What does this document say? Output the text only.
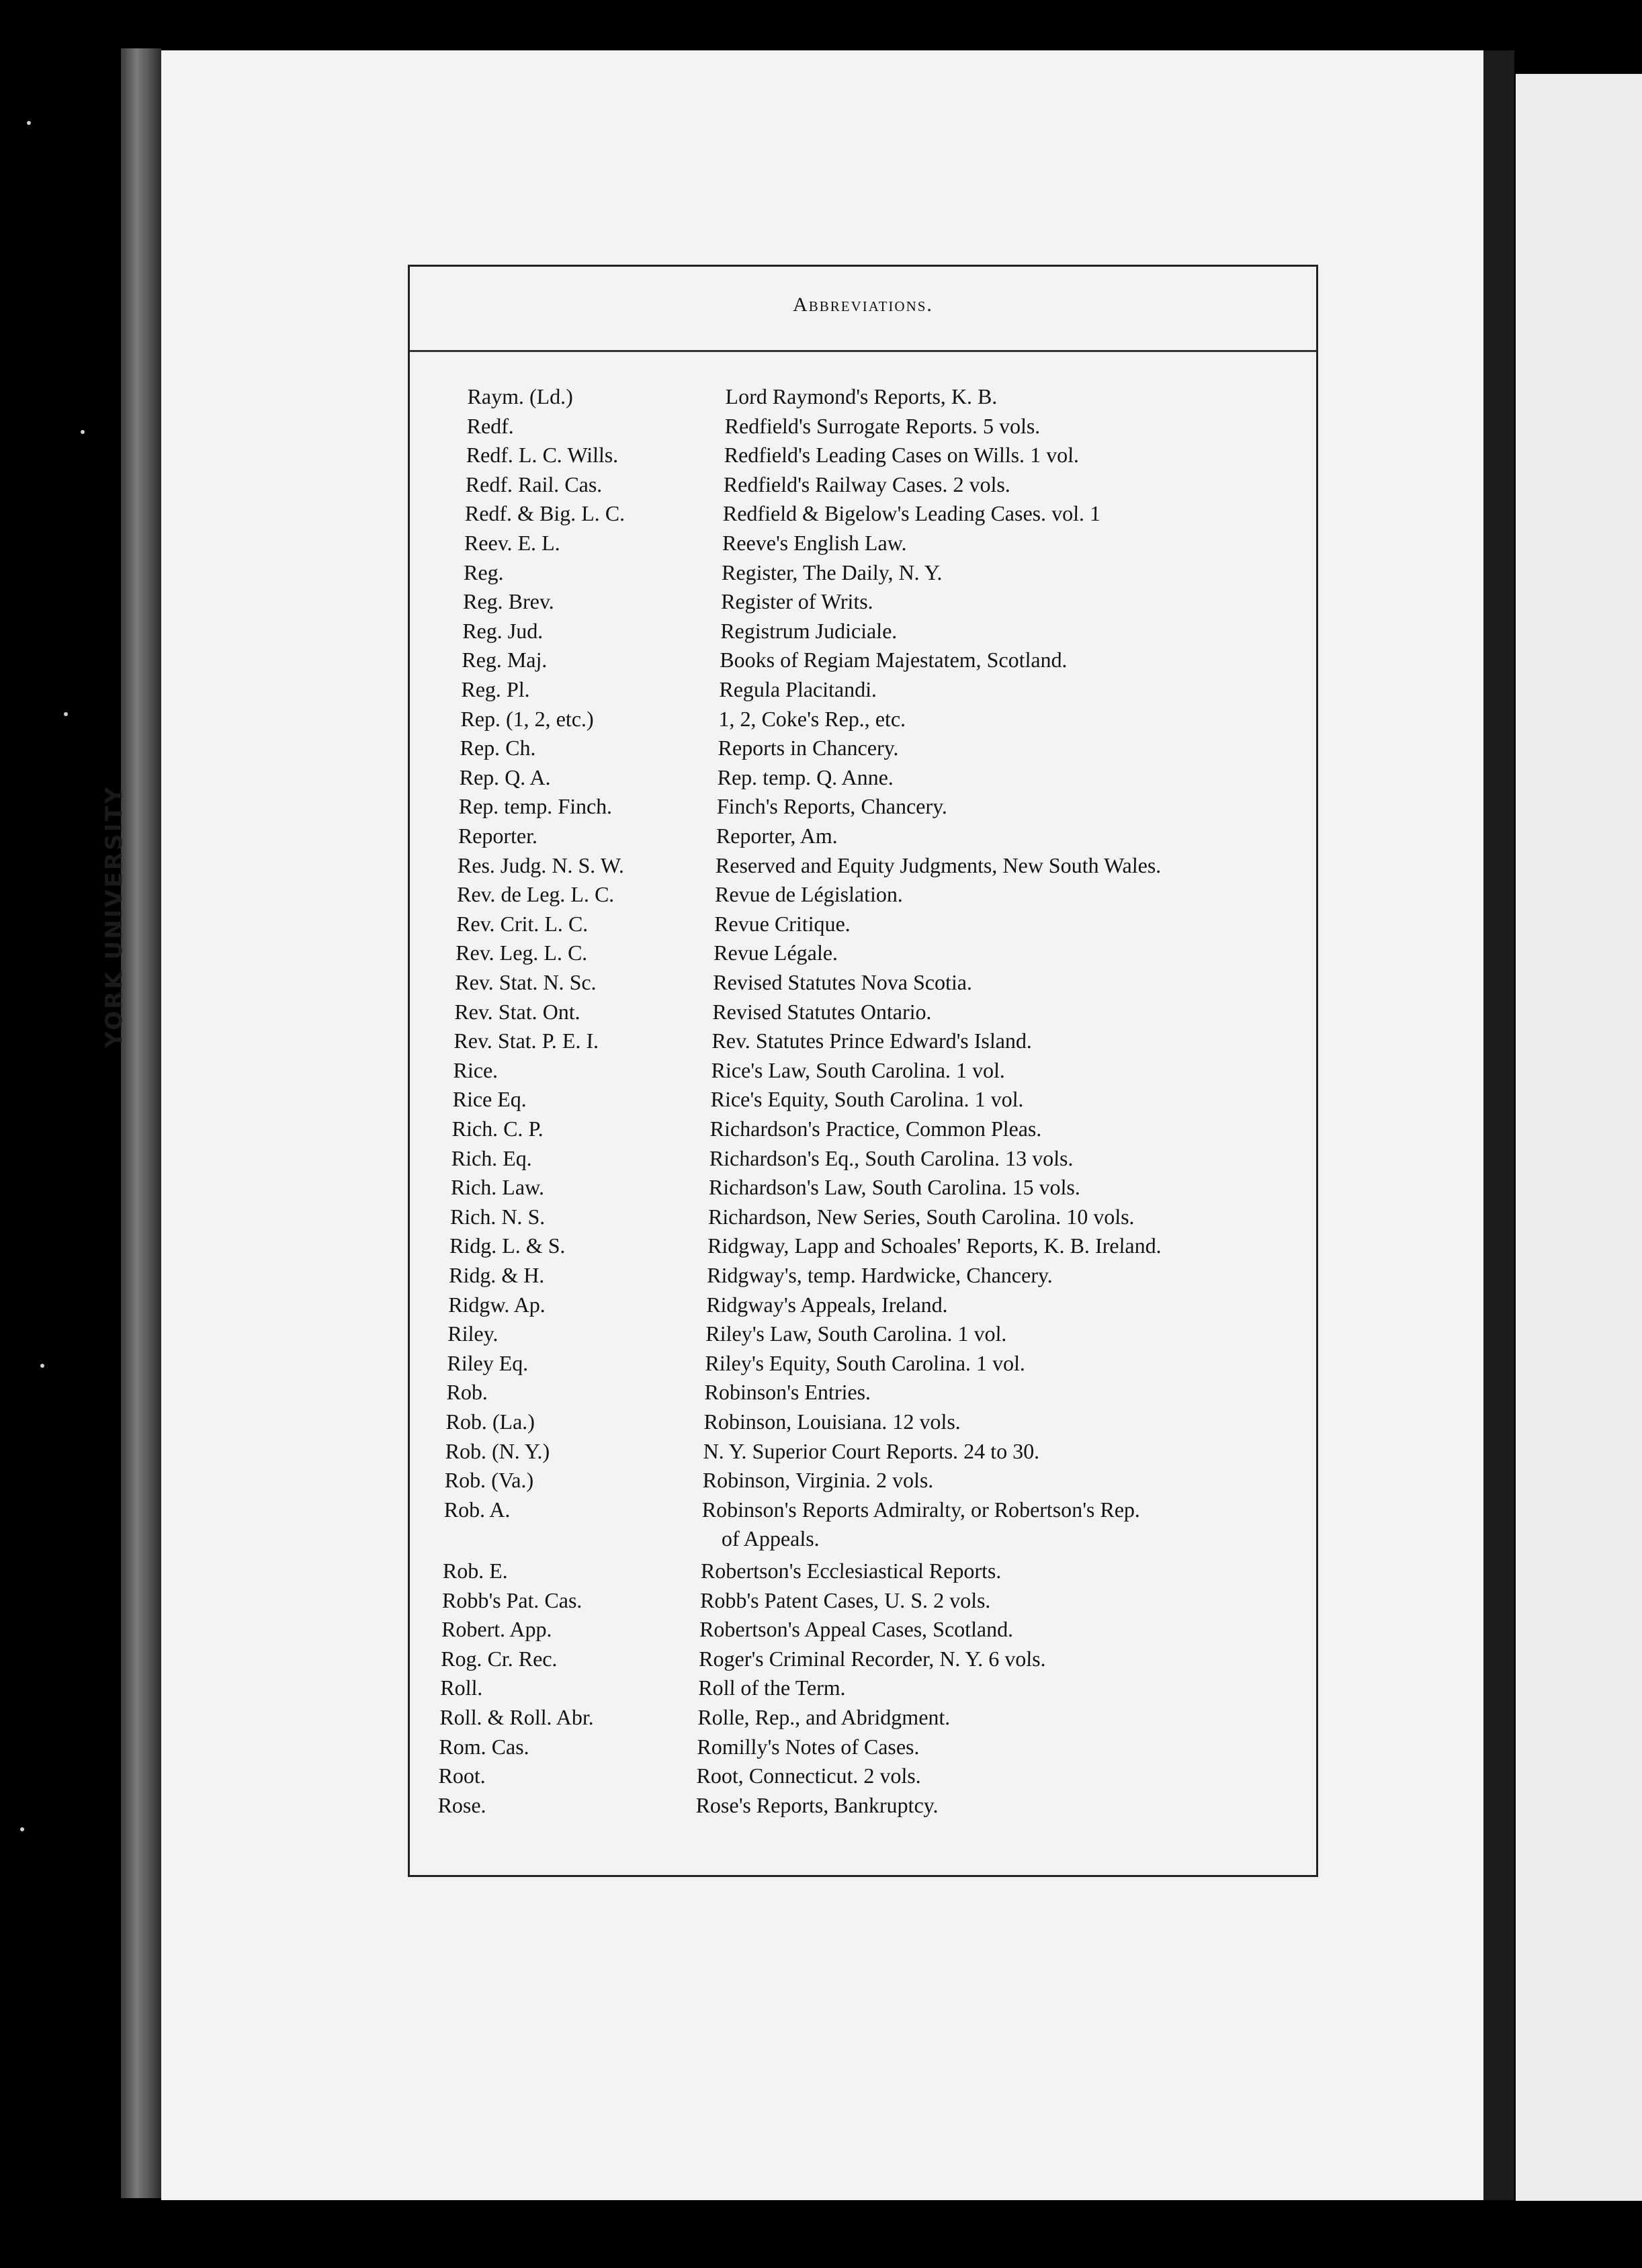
YORK UNIVERSITY
Abbreviations.
Raym. (Ld.)	Lord Raymond's Reports, K. B.
Redf.	Redfield's Surrogate Reports. 5 vols.
Redf. L. C. Wills.	Redfield's Leading Cases on Wills. 1 vol.
Redf. Rail. Cas.	Redfield's Railway Cases. 2 vols.
Redf. & Big. L. C.	Redfield & Bigelow's Leading Cases. vol. 1
Reev. E. L.	Reeve's English Law.
Reg.	Register, The Daily, N. Y.
Reg. Brev.	Register of Writs.
Reg. Jud.	Registrum Judiciale.
Reg. Maj.	Books of Regiam Majestatem, Scotland.
Reg. Pl.	Regula Placitandi.
Rep. (1, 2, etc.)	1, 2, Coke's Rep., etc.
Rep. Ch.	Reports in Chancery.
Rep. Q. A.	Rep. temp. Q. Anne.
Rep. temp. Finch.	Finch's Reports, Chancery.
Reporter.	Reporter, Am.
Res. Judg. N. S. W.	Reserved and Equity Judgments, New South Wales.
Rev. de Leg. L. C.	Revue de Législation.
Rev. Crit. L. C.	Revue Critique.
Rev. Leg. L. C.	Revue Légale.
Rev. Stat. N. Sc.	Revised Statutes Nova Scotia.
Rev. Stat. Ont.	Revised Statutes Ontario.
Rev. Stat. P. E. I.	Rev. Statutes Prince Edward's Island.
Rice.	Rice's Law, South Carolina. 1 vol.
Rice Eq.	Rice's Equity, South Carolina. 1 vol.
Rich. C. P.	Richardson's Practice, Common Pleas.
Rich. Eq.	Richardson's Eq., South Carolina. 13 vols.
Rich. Law.	Richardson's Law, South Carolina. 15 vols.
Rich. N. S.	Richardson, New Series, South Carolina. 10 vols.
Ridg. L. & S.	Ridgway, Lapp and Schoales' Reports, K. B. Ireland.
Ridg. & H.	Ridgway's, temp. Hardwicke, Chancery.
Ridgw. Ap.	Ridgway's Appeals, Ireland.
Riley.	Riley's Law, South Carolina. 1 vol.
Riley Eq.	Riley's Equity, South Carolina. 1 vol.
Rob.	Robinson's Entries.
Rob. (La.)	Robinson, Louisiana. 12 vols.
Rob. (N. Y.)	N. Y. Superior Court Reports. 24 to 30.
Rob. (Va.)	Robinson, Virginia. 2 vols.
Rob. A.	Robinson's Reports Admiralty, or Robertson's Rep.
of Appeals.
Rob. E.	Robertson's Ecclesiastical Reports.
Robb's Pat. Cas.	Robb's Patent Cases, U. S. 2 vols.
Robert. App.	Robertson's Appeal Cases, Scotland.
Rog. Cr. Rec.	Roger's Criminal Recorder, N. Y. 6 vols.
Roll.	Roll of the Term.
Roll. & Roll. Abr.	Rolle, Rep., and Abridgment.
Rom. Cas.	Romilly's Notes of Cases.
Root.	Root, Connecticut. 2 vols.
Rose.	Rose's Reports, Bankruptcy.
